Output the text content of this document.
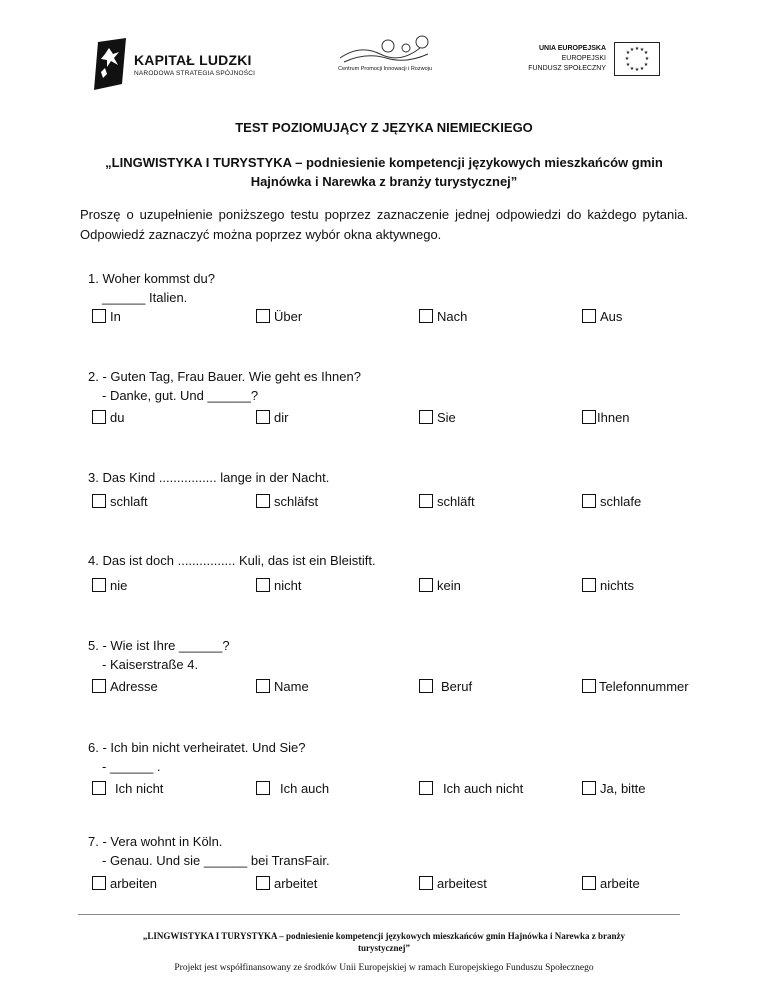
KAPITAŁ LUDZKI
NARODOWA STRATEGIA SPÓJNOŚCI
Centrum Promocji Innowacji i Rozwoju
UNIA EUROPEJSKA
EUROPEJSKI
FUNDUSZ SPOŁECZNY
★ ★ ★
★
★
★
★
★
★
★
★ ★
TEST POZIOMUJĄCY Z JĘZYKA NIEMIECKIEGO
„LINGWISTYKA I TURYSTYKA – podniesienie kompetencji językowych mieszkańców gmin
Hajnówka i Narewka z branży turystycznej”
Proszę o uzupełnienie poniższego testu poprzez zaznaczenie jednej odpowiedzi do każdego pytania. Odpowiedź zaznaczyć można poprzez wybór okna aktywnego.
1. Woher kommst du?
______ Italien.
In	Über	Nach	Aus
2. - Guten Tag, Frau Bauer. Wie geht es Ihnen?
- Danke, gut. Und ______?
du	dir	Sie	Ihnen
3. Das Kind ................ lange in der Nacht.
schlaft	schläfst	schläft	schlafe
4. Das ist doch ................ Kuli, das ist ein Bleistift.
nie	nicht	kein	nichts
5. - Wie ist Ihre ______?
- Kaiserstraße 4.
Adresse	Name	Beruf	Telefonnummer
6. - Ich bin nicht verheiratet. Und Sie?
- ______ .
Ich nicht	Ich auch	Ich auch nicht	Ja, bitte
7. - Vera wohnt in Köln.
- Genau. Und sie ______ bei TransFair.
arbeiten	arbeitet	arbeitest	arbeite
„LINGWISTYKA I TURYSTYKA – podniesienie kompetencji językowych mieszkańców gmin Hajnówka i Narewka z branży
turystycznej”
Projekt jest współfinansowany ze środków Unii Europejskiej w ramach Europejskiego Funduszu Społecznego
